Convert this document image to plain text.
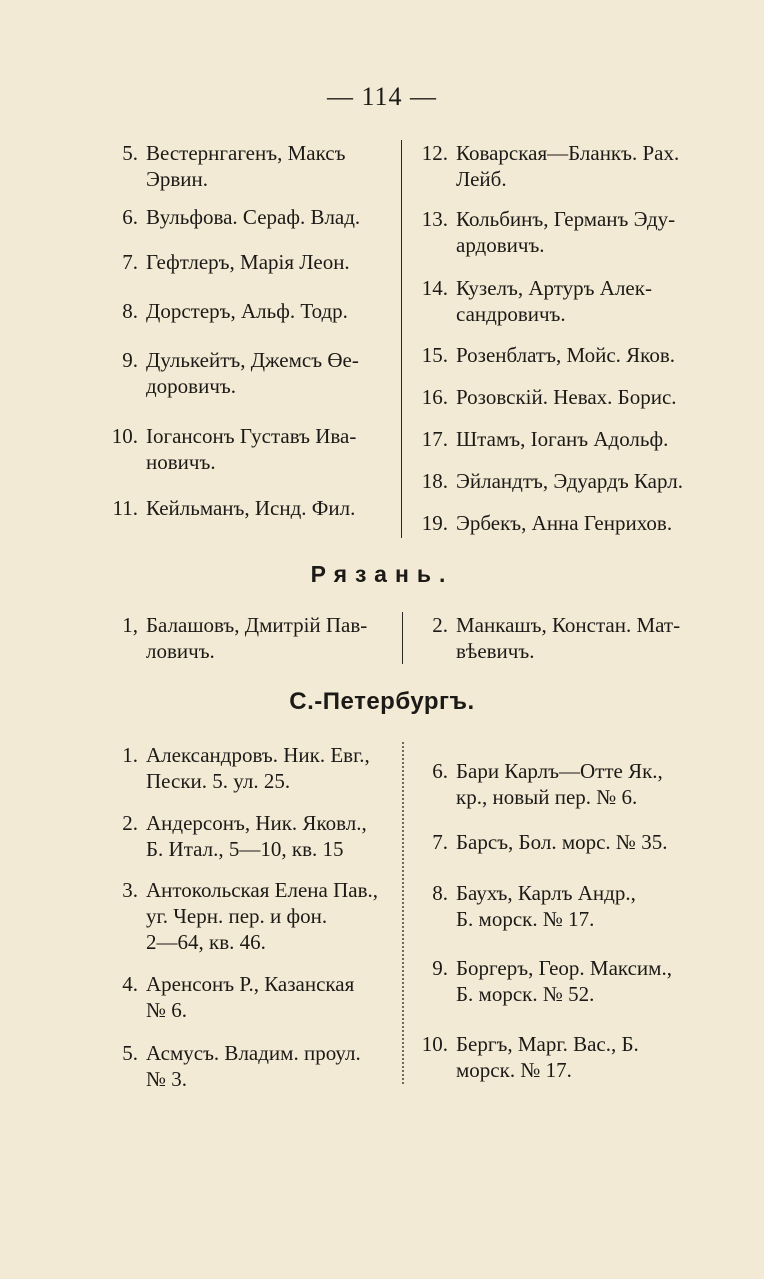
— 114 —
5. Вестернгагенъ, Максъ
Эрвин.
6. Вульфова. Сераф. Влад.
7. Гефтлеръ, Марія Леон.
8. Дорстеръ, Альф. Тодр.
9. Дулькейтъ, Джемсъ Өе-
доровичъ.
10. Іогансонъ Густавъ Ива-
новичъ.
11. Кейльманъ, Иснд. Фил.
12. Коварская—Бланкъ. Рах.
Лейб.
13. Кольбинъ, Германъ Эду-
ардовичъ.
14. Кузелъ, Артуръ Алек-
сандровичъ.
15. Розенблатъ, Мойс. Яков.
16. Розовскій. Невах. Борис.
17. Штамъ, Іоганъ Адольф.
18. Эйландтъ, Эдуардъ Карл.
19. Эрбекъ, Анна Генрихов.
Рязань.
1, Балашовъ, Дмитрій Пав-
ловичъ.
2. Манкашъ, Констан. Мат-
вѣевичъ.
С.-Петербургъ.
1. Александровъ. Ник. Евг.,
Пески. 5. ул. 25.
2. Андерсонъ, Ник. Яковл.,
Б. Итал., 5—10, кв. 15
3. Антокольская Елена Пав.,
уг. Черн. пер. и фон.
2—64, кв. 46.
4. Аренсонъ Р., Казанская
№ 6.
5. Асмусъ. Владим. проул.
№ 3.
6. Бари Карлъ—Отте Як.,
кр., новый пер. № 6.
7. Барсъ, Бол. морс. № 35.
8. Баухъ, Карлъ Андр.,
Б. морск. № 17.
9. Боргеръ, Геор. Максим.,
Б. морск. № 52.
10. Бергъ, Марг. Вас., Б.
морск. № 17.
